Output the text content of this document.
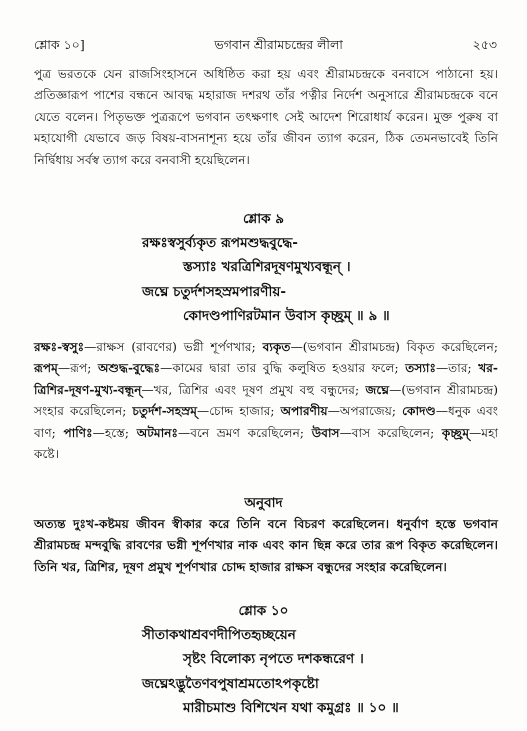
শ্লোক ১০]	ভগবান শ্রীরামচন্দ্রের লীলা	২৫৩
পুত্র ভরতকে যেন রাজসিংহাসনে অধিষ্ঠিত করা হয় এবং শ্রীরামচন্দ্রকে বনবাসে পাঠানো হয়। প্রতিজ্ঞারূপ পাশের বন্ধনে আবদ্ধ মহারাজ দশরথ তাঁর পত্নীর নির্দেশ অনুসারে শ্রীরামচন্দ্রকে বনে যেতে বলেন। পিতৃভক্ত পুত্ররূপে ভগবান তৎক্ষণাৎ সেই আদেশ শিরোধার্য করেন। মুক্ত পুরুষ বা মহাযোগী যেভাবে জড় বিষয়-বাসনাশূন্য হয়ে তাঁর জীবন ত্যাগ করেন, ঠিক তেমনভাবেই তিনি নির্দ্বিধায় সর্বস্ব ত্যাগ করে বনবাসী হয়েছিলেন।
শ্লোক ৯
রক্ষঃস্বসুর্ব্যকৃত রূপমশুদ্ধবুদ্ধে-
স্তস্যাঃ খরত্রিশিরদূষণমুখ্যবন্ধূন্ ।
জঘ্নে চতুর্দশসহস্রমপারণীয়-
কোদণ্ডপাণিরটমান উবাস কৃচ্ছ্রম্ ॥ ৯ ॥
রক্ষঃ-স্বসুঃ—রাক্ষস (রাবণের) ভগ্নী শূর্পণখার; ব্যকৃত—(ভগবান শ্রীরামচন্দ্র) বিকৃত করেছিলেন; রূপম্—রূপ; অশুদ্ধ-বুদ্ধেঃ—কামের দ্বারা তার বুদ্ধি কলুষিত হওয়ার ফলে; তস্যাঃ—তার; খর-ত্রিশির-দূষণ-মুখ্য-বন্ধূন্—খর, ত্রিশির এবং দূষণ প্রমুখ বহু বন্ধুদের; জঘ্নে—(ভগবান শ্রীরামচন্দ্র) সংহার করেছিলেন; চতুর্দশ-সহস্রম্—চোদ্দ হাজার; অপারণীয়—অপরাজেয়; কোদণ্ড—ধনুক এবং বাণ; পাণিঃ—হস্তে; অটমানঃ—বনে ভ্রমণ করেছিলেন; উবাস—বাস করেছিলেন; কৃচ্ছ্রম্—মহা কষ্টে।
অনুবাদ
অত্যন্ত দুঃখ-কষ্টময় জীবন স্বীকার করে তিনি বনে বিচরণ করেছিলেন। ধনুর্বাণ হস্তে ভগবান শ্রীরামচন্দ্র মন্দবুদ্ধি রাবণের ভগ্নী শূর্পণখার নাক এবং কান ছিন্ন করে তার রূপ বিকৃত করেছিলেন। তিনি খর, ত্রিশির, দূষণ প্রমুখ শূর্পণখার চোদ্দ হাজার রাক্ষস বন্ধুদের সংহার করেছিলেন।
শ্লোক ১০
সীতাকথাশ্রবণদীপিতহৃচ্ছয়েন
সৃষ্টং বিলোক্য নৃপতে দশকন্ধরেণ ।
জঘ্নেঽদ্ভুতৈণবপুষাশ্রমতোঽপকৃষ্টো
মারীচমাশু বিশিখেন যথা কমুগ্রঃ ॥ ১০ ॥
